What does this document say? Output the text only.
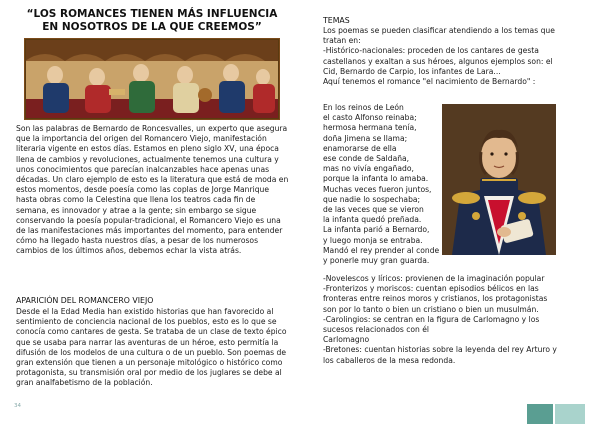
“LOS ROMANCES TIENEN MÁS INFLUENCIA EN NOSOTROS DE LA QUE CREEMOS”

Son las palabras de Bernardo de Roncesvalles, un experto que asegura que la importancia del origen del Romancero Viejo, manifestación literaria vigente en estos días. Estamos en pleno siglo XV, una época llena de cambios y revoluciones, actualmente tenemos una cultura y unos conocimientos que parecían inalcanzables hace apenas unas décadas. Un claro ejemplo de esto es la literatura que está de moda en estos momentos, desde poesía como las coplas de Jorge Manrique hasta obras como la Celestina que llena los teatros cada fin de semana, es innovador y atrae a la gente; sin embargo se sigue conservando la poesía popular-tradicional, el Romancero Viejo es una de las manifestaciones más importantes del momento, para entender cómo ha llegado hasta nuestros días, a pesar de los numerosos cambios de los últimos años, debemos echar la vista atrás.

APARICIÓN DEL ROMANCERO VIEJO

Desde el la Edad Media han existido historias que han favorecido al sentimiento de conciencia nacional de los pueblos, esto es lo que se conocía como cantares de gesta. Se trataba de un clase de texto épico que se usaba para narrar las aventuras de un héroe, esto permitía la difusión de los modelos de una cultura o de un pueblo. Son poemas de gran extensión que tienen a un personaje mitológico o histórico como protagonista, su transmisión oral por medio de los juglares se debe al gran analfabetismo de la población.

34
TEMAS

Los poemas se pueden clasificar atendiendo a los temas que
tratan en:
-Histórico-nacionales: proceden de los cantares de gesta
castellanos y exaltan a sus héroes, algunos ejemplos son: el
Cid, Bernardo de Carpio, los infantes de Lara...
Aquí tenemos el romance "el nacimiento de Bernardo" :

En los reinos de León
el casto Alfonso reinaba;
hermosa hermana tenía,
doña Jimena se llama;
enamorarse de ella
ese conde de Saldaña,
mas no vivía engañado,
porque la infanta lo amaba.
Muchas veces fueron juntos,
que nadie lo sospechaba;
de las veces que se vieron
la infanta quedó preñada.
La infanta parió a Bernardo,
y luego monja se entraba.
Mandó el rey prender al conde
y ponerle muy gran guarda.

-Novelescos y líricos: provienen de la imaginación popular
-Fronterizos y moriscos: cuentan episodios bélicos en las
fronteras entre reinos moros y cristianos, los protagonistas
son por lo tanto o bien un cristiano o bien un musulmán.
-Carolingios: se centran en la figura de Carlomagno y los
sucesos relacionados con él
Carlomagno
-Bretones: cuentan historias sobre la leyenda del rey Arturo y
los caballeros de la mesa redonda.
